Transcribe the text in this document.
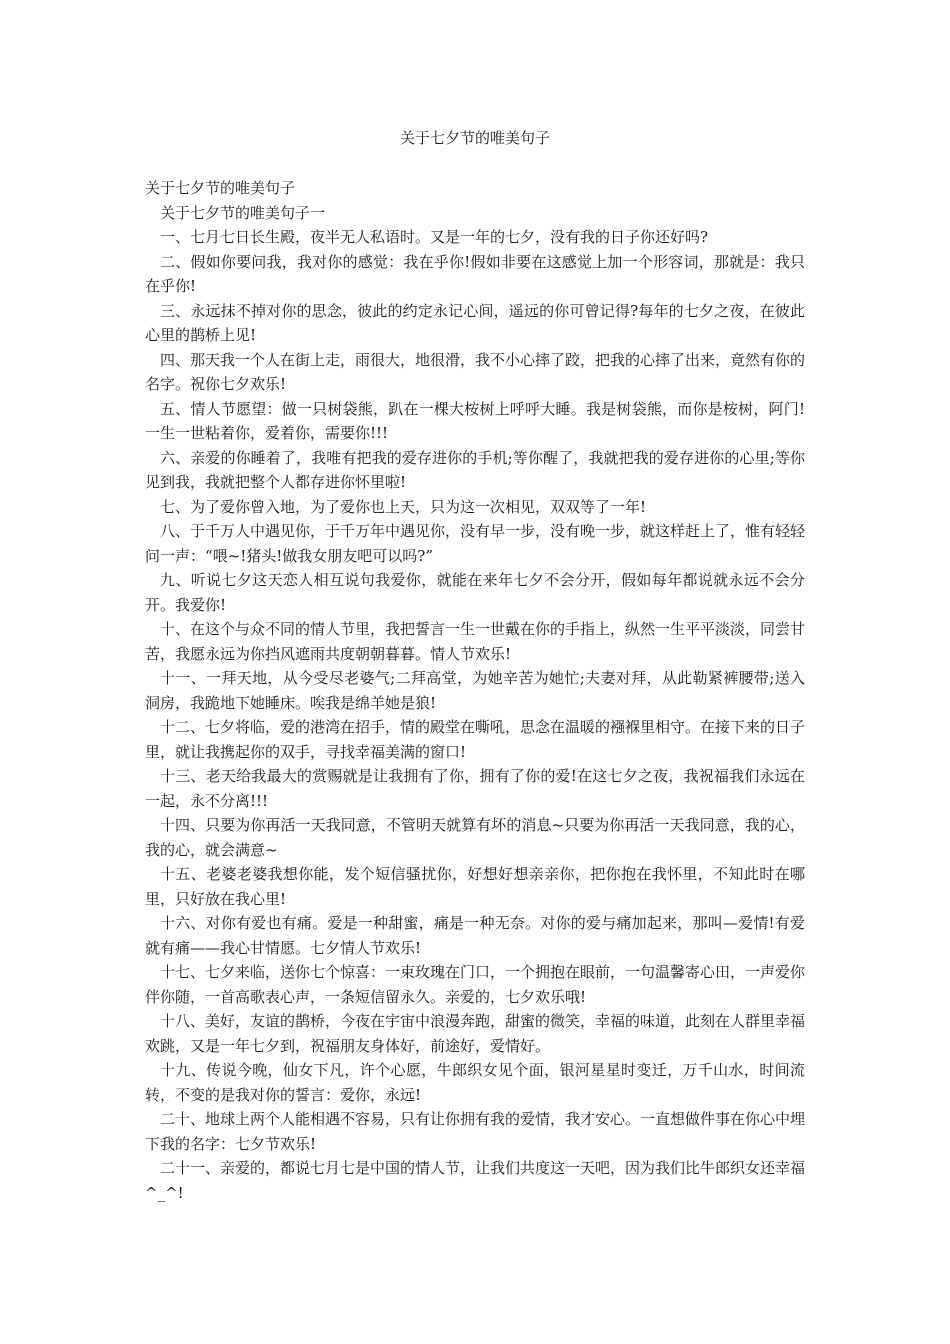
关于七夕节的唯美句子

关于七夕节的唯美句子

关于七夕节的唯美句子一

一、七月七日长生殿，夜半无人私语时。又是一年的七夕，没有我的日子你还好吗?

二、假如你要问我，我对你的感觉：我在乎你!假如非要在这感觉上加一个形容词，那就是：我只在乎你!

三、永远抹不掉对你的思念，彼此的约定永记心间，遥远的你可曾记得?每年的七夕之夜，在彼此心里的鹊桥上见!

四、那天我一个人在街上走，雨很大，地很滑，我不小心摔了跤，把我的心摔了出来，竟然有你的名字。祝你七夕欢乐!

五、情人节愿望：做一只树袋熊，趴在一棵大桉树上呼呼大睡。我是树袋熊，而你是桉树，阿门!一生一世粘着你，爱着你，需要你!!!

六、亲爱的你睡着了，我唯有把我的爱存进你的手机;等你醒了，我就把我的爱存进你的心里;等你见到我，我就把整个人都存进你怀里啦!

七、为了爱你曾入地，为了爱你也上天，只为这一次相见，双双等了一年!

八、于千万人中遇见你，于千万年中遇见你，没有早一步，没有晚一步，就这样赶上了，惟有轻轻问一声：“喂~!猪头!做我女朋友吧可以吗?”

九、听说七夕这天恋人相互说句我爱你，就能在来年七夕不会分开，假如每年都说就永远不会分开。我爱你!

十、在这个与众不同的情人节里，我把誓言一生一世戴在你的手指上，纵然一生平平淡淡，同尝甘苦，我愿永远为你挡风遮雨共度朝朝暮暮。情人节欢乐!

十一、一拜天地，从今受尽老婆气;二拜高堂，为她辛苦为她忙;夫妻对拜，从此勒紧裤腰带;送入洞房，我跪地下她睡床。唉我是绵羊她是狼!

十二、七夕将临，爱的港湾在招手，情的殿堂在嘶吼，思念在温暖的襁褓里相守。在接下来的日子里，就让我携起你的双手，寻找幸福美满的窗口!

十三、老天给我最大的赏赐就是让我拥有了你，拥有了你的爱!在这七夕之夜，我祝福我们永远在一起，永不分离!!!

十四、只要为你再活一天我同意，不管明天就算有坏的消息~只要为你再活一天我同意，我的心，我的心，就会满意~

十五、老婆老婆我想你能，发个短信骚扰你，好想好想亲亲你，把你抱在我怀里，不知此时在哪里，只好放在我心里!

十六、对你有爱也有痛。爱是一种甜蜜，痛是一种无奈。对你的爱与痛加起来，那叫—爱情!有爱就有痛——我心甘情愿。七夕情人节欢乐!

十七、七夕来临，送你七个惊喜：一束玫瑰在门口，一个拥抱在眼前，一句温馨寄心田，一声爱你伴你随，一首高歌表心声，一条短信留永久。亲爱的，七夕欢乐哦!

十八、美好，友谊的鹊桥，今夜在宇宙中浪漫奔跑，甜蜜的微笑，幸福的味道，此刻在人群里幸福欢跳，又是一年七夕到，祝福朋友身体好，前途好，爱情好。

十九、传说今晚，仙女下凡，许个心愿，牛郎织女见个面，银河星星时变迁，万千山水，时间流转，不变的是我对你的誓言：爱你，永远!

二十、地球上两个人能相遇不容易，只有让你拥有我的爱情，我才安心。一直想做件事在你心中埋下我的名字：七夕节欢乐!

二十一、亲爱的，都说七月七是中国的情人节，让我们共度这一天吧，因为我们比牛郎织女还幸福^_^!
